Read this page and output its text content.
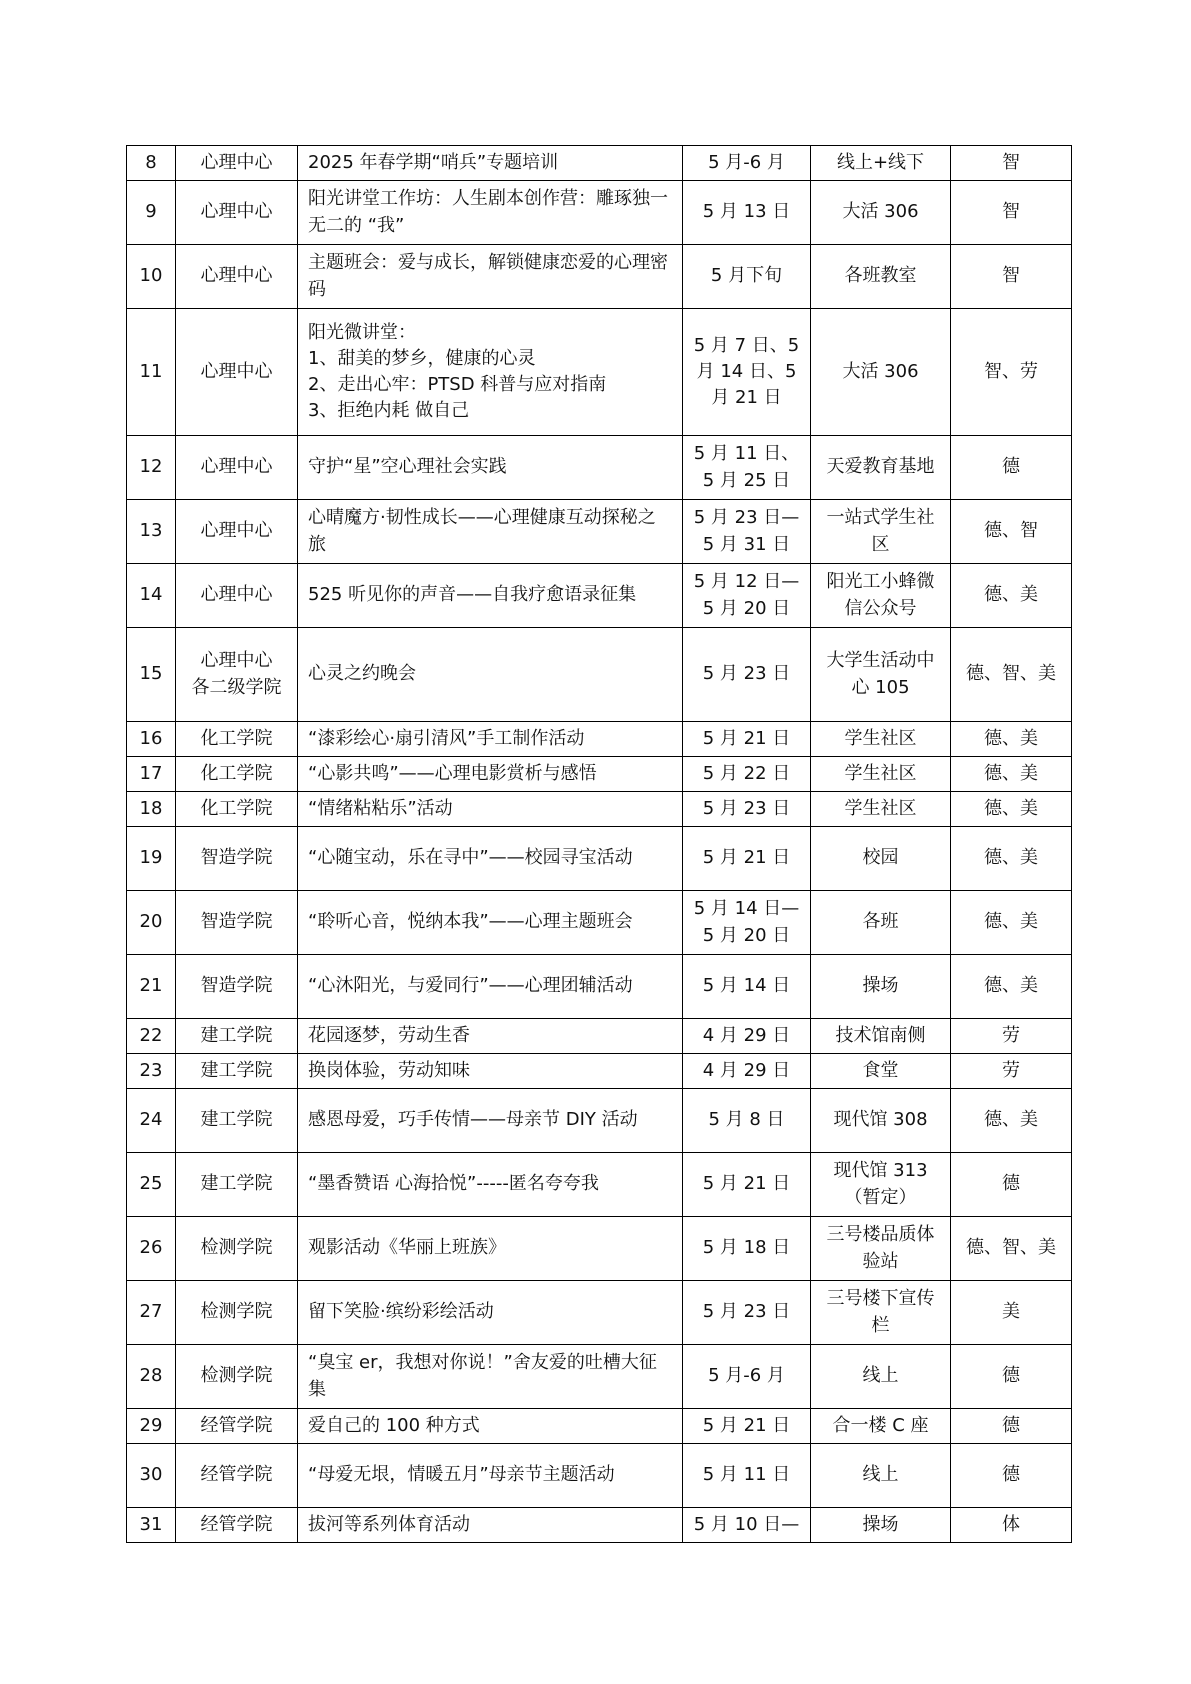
8	心理中心	2025 年春学期“哨兵”专题培训	5 月-6 月	线上+线下	智
9	心理中心	阳光讲堂工作坊：人生剧本创作营：雕琢独一无二的 “我”	5 月 13 日	大活 306	智
10	心理中心	主题班会：爱与成长，解锁健康恋爱的心理密码	5 月下旬	各班教室	智
11	心理中心	阳光微讲堂：
1、甜美的梦乡，健康的心灵
2、走出心牢：PTSD 科普与应对指南
3、拒绝内耗 做自己	5 月 7 日、5 月 14 日、5 月 21 日	大活 306	智、劳
12	心理中心	守护“星”空心理社会实践	5 月 11 日、5 月 25 日	天爱教育基地	德
13	心理中心	心晴魔方·韧性成长——心理健康互动探秘之旅	5 月 23 日—
5 月 31 日	一站式学生社区	德、智
14	心理中心	525 听见你的声音——自我疗愈语录征集	5 月 12 日—
5 月 20 日	阳光工小蜂微信公众号	德、美
15	心理中心
各二级学院	心灵之约晚会	5 月 23 日	大学生活动中心 105	德、智、美
16	化工学院	“漆彩绘心·扇引清风”手工制作活动	5 月 21 日	学生社区	德、美
17	化工学院	“心影共鸣”——心理电影赏析与感悟	5 月 22 日	学生社区	德、美
18	化工学院	“情绪粘粘乐”活动	5 月 23 日	学生社区	德、美
19	智造学院	“心随宝动，乐在寻中”——校园寻宝活动	5 月 21 日	校园	德、美
20	智造学院	“聆听心音，悦纳本我”——心理主题班会	5 月 14 日—
5 月 20 日	各班	德、美
21	智造学院	“心沐阳光，与爱同行”——心理团辅活动	5 月 14 日	操场	德、美
22	建工学院	花园逐梦，劳动生香	4 月 29 日	技术馆南侧	劳
23	建工学院	换岗体验，劳动知味	4 月 29 日	食堂	劳
24	建工学院	感恩母爱，巧手传情——母亲节 DIY 活动	5 月 8 日	现代馆 308	德、美
25	建工学院	“墨香赞语 心海拾悦”-----匿名夸夸我	5 月 21 日	现代馆 313
（暂定）	德
26	检测学院	观影活动《华丽上班族》	5 月 18 日	三号楼品质体验站	德、智、美
27	检测学院	留下笑脸·缤纷彩绘活动	5 月 23 日	三号楼下宣传栏	美
28	检测学院	“臭宝 er，我想对你说！”舍友爱的吐槽大征集	5 月-6 月	线上	德
29	经管学院	爱自己的 100 种方式	5 月 21 日	合一楼 C 座	德
30	经管学院	“母爱无垠，情暖五月”母亲节主题活动	5 月 11 日	线上	德
31	经管学院	拔河等系列体育活动	5 月 10 日—	操场	体
